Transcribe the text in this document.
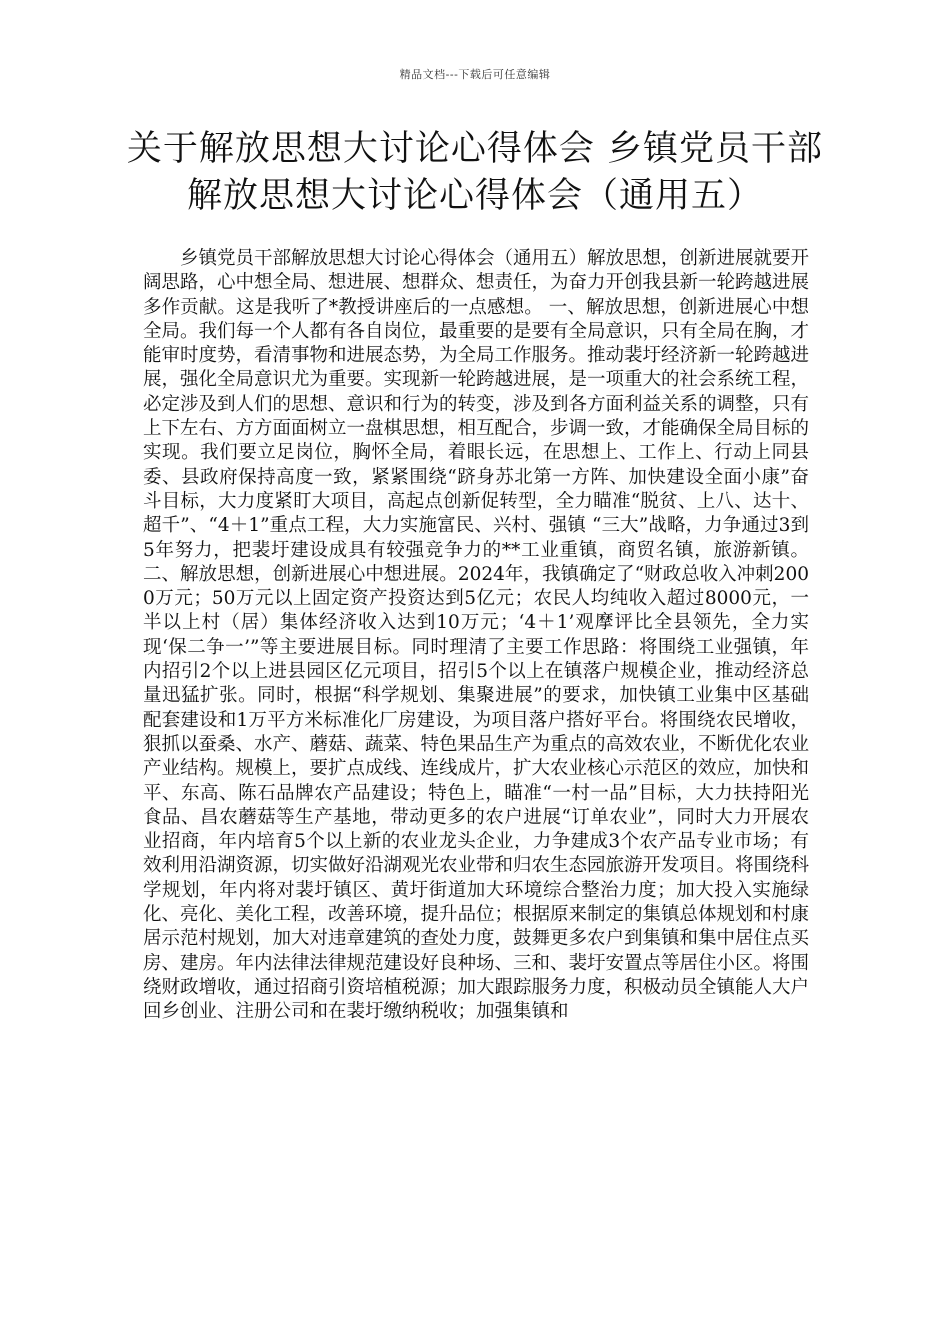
精品文档---下载后可任意编辑
关于解放思想大讨论心得体会 乡镇党员干部解放思想大讨论心得体会（通用五）

乡镇党员干部解放思想大讨论心得体会（通用五）解放思想，创新进展就要开阔思路，心中想全局、想进展、想群众、想责任，为奋力开创我县新一轮跨越进展多作贡献。这是我听了*教授讲座后的一点感想。 一、解放思想，创新进展心中想全局。我们每一个人都有各自岗位，最重要的是要有全局意识，只有全局在胸，才能审时度势，看清事物和进展态势，为全局工作服务。推动裴圩经济新一轮跨越进展，强化全局意识尤为重要。实现新一轮跨越进展，是一项重大的社会系统工程，必定涉及到人们的思想、意识和行为的转变，涉及到各方面利益关系的调整，只有上下左右、方方面面树立一盘棋思想，相互配合，步调一致，才能确保全局目标的实现。我们要立足岗位，胸怀全局，着眼长远，在思想上、工作上、行动上同县委、县政府保持高度一致，紧紧围绕“跻身苏北第一方阵、加快建设全面小康”奋斗目标，大力度紧盯大项目，高起点创新促转型，全力瞄准“脱贫、上八、达十、超千”、“4＋1”重点工程，大力实施富民、兴村、强镇 “三大”战略，力争通过3到5年努力，把裴圩建设成具有较强竞争力的**工业重镇，商贸名镇，旅游新镇。 二、解放思想，创新进展心中想进展。2024年，我镇确定了“财政总收入冲刺2000万元；50万元以上固定资产投资达到5亿元；农民人均纯收入超过8000元，一半以上村（居）集体经济收入达到10万元；‘4＋1’观摩评比全县领先，全力实现‘保二争一’”等主要进展目标。同时理清了主要工作思路：将围绕工业强镇，年内招引2个以上进县园区亿元项目，招引5个以上在镇落户规模企业，推动经济总量迅猛扩张。同时，根据“科学规划、集聚进展”的要求，加快镇工业集中区基础配套建设和1万平方米标准化厂房建设，为项目落户搭好平台。将围绕农民增收，狠抓以蚕桑、水产、蘑菇、蔬菜、特色果品生产为重点的高效农业，不断优化农业产业结构。规模上，要扩点成线、连线成片，扩大农业核心示范区的效应，加快和平、东高、陈石品牌农产品建设；特色上，瞄准“一村一品”目标，大力扶持阳光食品、昌农蘑菇等生产基地，带动更多的农户进展“订单农业”，同时大力开展农业招商，年内培育5个以上新的农业龙头企业，力争建成3个农产品专业市场；有效利用沿湖资源，切实做好沿湖观光农业带和归农生态园旅游开发项目。将围绕科学规划，年内将对裴圩镇区、黄圩街道加大环境综合整治力度；加大投入实施绿化、亮化、美化工程，改善环境，提升品位；根据原来制定的集镇总体规划和村康居示范村规划，加大对违章建筑的查处力度，鼓舞更多农户到集镇和集中居住点买房、建房。年内法律法律规范建设好良种场、三和、裴圩安置点等居住小区。将围绕财政增收，通过招商引资培植税源；加大跟踪服务力度，积极动员全镇能人大户回乡创业、注册公司和在裴圩缴纳税收；加强集镇和
